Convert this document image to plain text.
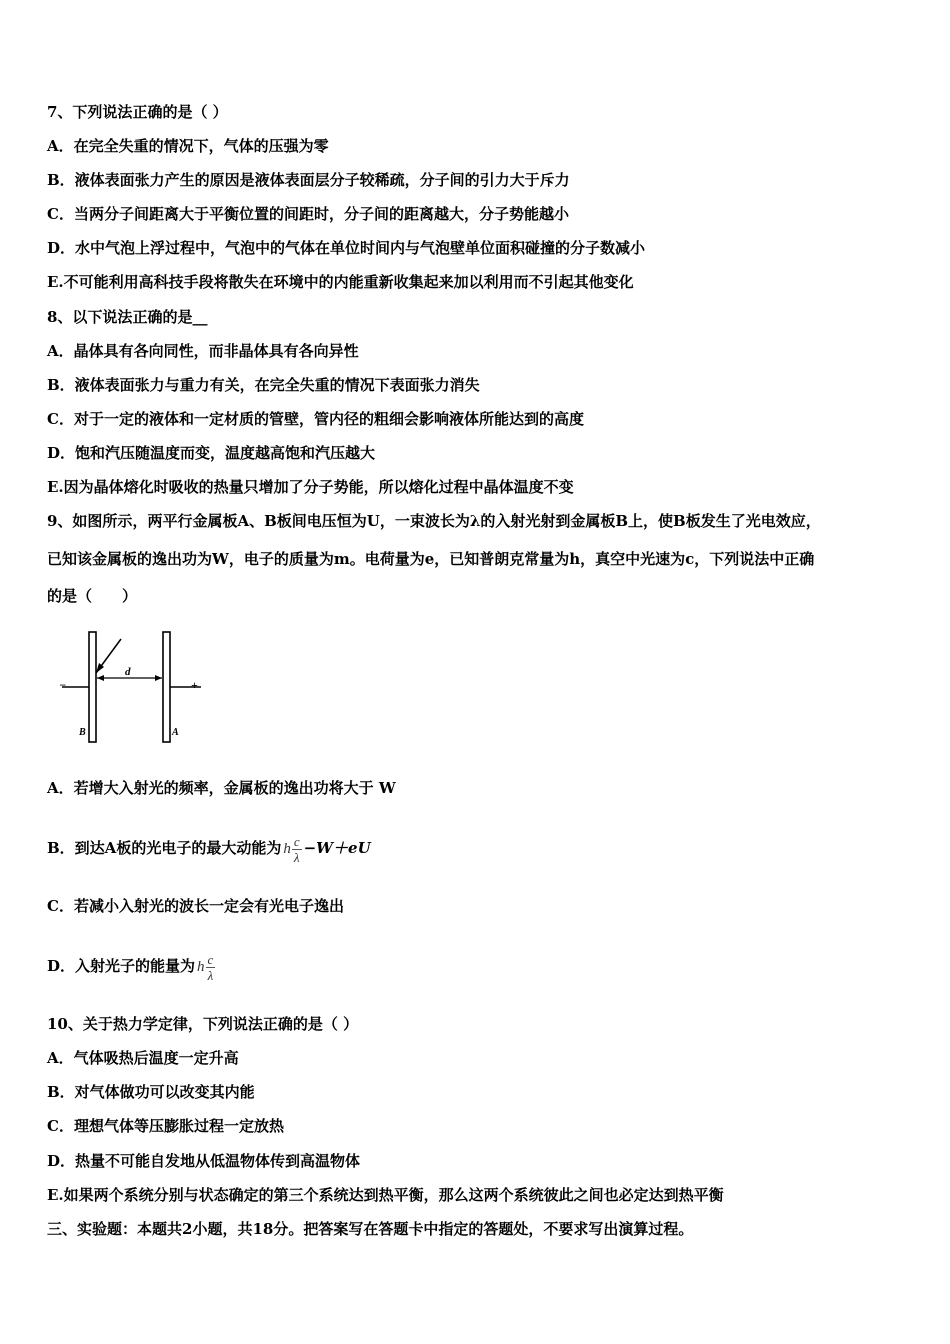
7、下列说法正确的是（ ）
A．在完全失重的情况下，气体的压强为零
B．液体表面张力产生的原因是液体表面层分子较稀疏，分子间的引力大于斥力
C．当两分子间距离大于平衡位置的间距时，分子间的距离越大，分子势能越小
D．水中气泡上浮过程中，气泡中的气体在单位时间内与气泡壁单位面积碰撞的分子数减小
E.不可能利用高科技手段将散失在环境中的内能重新收集起来加以利用而不引起其他变化
8、以下说法正确的是__
A．晶体具有各向同性，而非晶体具有各向异性
B．液体表面张力与重力有关，在完全失重的情况下表面张力消失
C．对于一定的液体和一定材质的管壁，管内径的粗细会影响液体所能达到的高度
D．饱和汽压随温度而变，温度越高饱和汽压越大
E.因为晶体熔化时吸收的热量只增加了分子势能，所以熔化过程中晶体温度不变
9、如图所示，两平行金属板A、B板间电压恒为U，一束波长为λ的入射光射到金属板B上，使B板发生了光电效应，
已知该金属板的逸出功为W，电子的质量为m。电荷量为e，已知普朗克常量为h，真空中光速为c，下列说法中正确
的是（　　）
−	+
d
B	A
A．若增大入射光的频率，金属板的逸出功将大于 W
B．到达A板的光电子的最大动能为 h $\frac{c}{\lambda} -W+eU$
C．若减小入射光的波长一定会有光电子逸出
D．入射光子的能量为 h $\frac{c}{\lambda}$
10、关于热力学定律，下列说法正确的是（ ）
A．气体吸热后温度一定升高
B．对气体做功可以改变其内能
C．理想气体等压膨胀过程一定放热
D．热量不可能自发地从低温物体传到高温物体
E.如果两个系统分别与状态确定的第三个系统达到热平衡，那么这两个系统彼此之间也必定达到热平衡
三、实验题：本题共2小题，共18分。把答案写在答题卡中指定的答题处，不要求写出演算过程。
